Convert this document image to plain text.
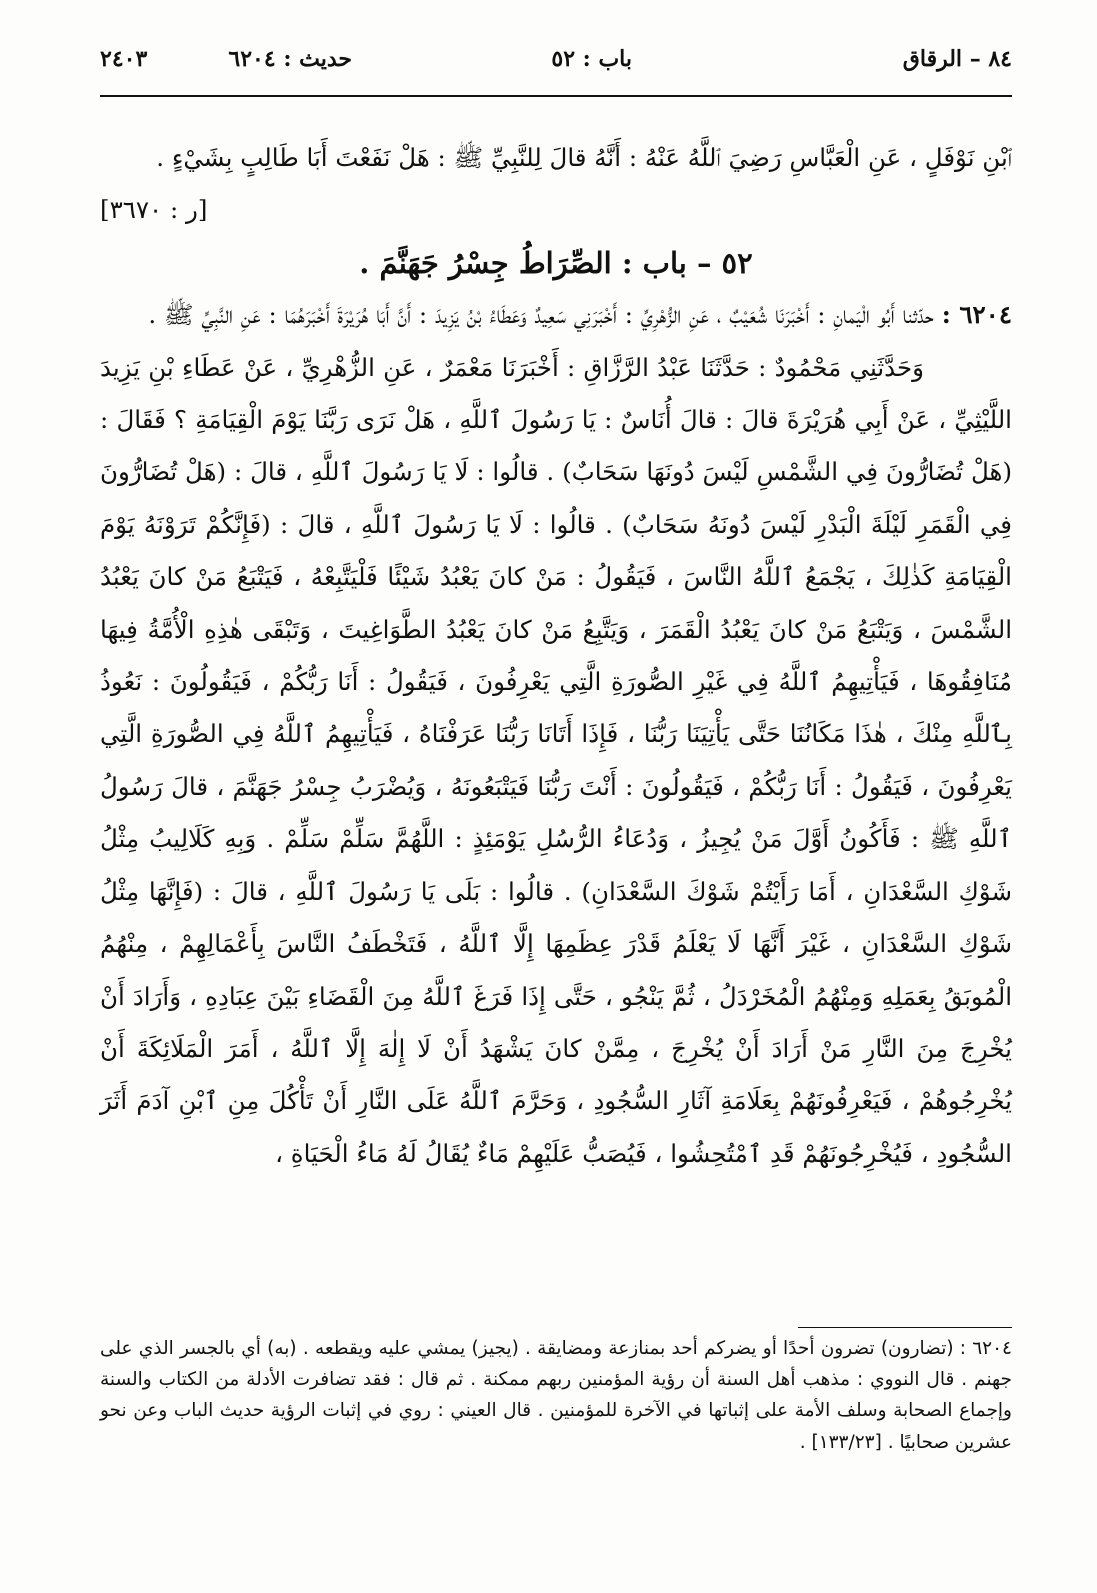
٨٤ – الرقاق
باب : ٥٢
حديث : ٦٢٠٤
٢٤٠٣

ٱبْنِ نَوْفَلٍ ، عَنِ الْعَبَّاسِ رَضِيَ ٱللَّهُ عَنْهُ : أَنَّهُ قالَ لِلنَّبِيِّ ﷺ : هَلْ نَفَعْتَ أَبَا طَالِبٍ بِشَيْءٍ .

[ر : ٣٦٧٠]

٥٢ – باب : الصِّرَاطُ جِسْرُ جَهَنَّمَ .

٦٢٠٤ : حدّثنا أَبُو الْيَمانِ : أَخْبَرَنَا شُعَيْبٌ ، عَنِ الزُّهْرِيِّ : أَخْبَرَنِي سَعِيدٌ وَعَطَاءُ بْنُ يَزِيدَ : أَنَّ أَبَا هُرَيْرَةَ أَخْبَرَهُمَا : عَنِ النَّبِيِّ ﷺ .

وَحَدَّثَنِي مَحْمُودٌ : حَدَّثَنَا عَبْدُ الرَّزَّاقِ : أَخْبَرَنَا مَعْمَرٌ ، عَنِ الزُّهْرِيِّ ، عَنْ عَطَاءِ بْنِ يَزِيدَ اللَّيْثِيِّ ، عَنْ أَبِي هُرَيْرَةَ قالَ : قالَ أُنَاسٌ : يَا رَسُولَ ٱللَّهِ ، هَلْ نَرَى رَبَّنَا يَوْمَ الْقِيَامَةِ ؟ فَقَالَ : (هَلْ تُضَارُّونَ فِي الشَّمْسِ لَيْسَ دُونَهَا سَحَابٌ) . قالُوا : لَا يَا رَسُولَ ٱللَّهِ ، قالَ : (هَلْ تُضَارُّونَ فِي الْقَمَرِ لَيْلَةَ الْبَدْرِ لَيْسَ دُونَهُ سَحَابٌ) . قالُوا : لَا يَا رَسُولَ ٱللَّهِ ، قالَ : (فَإِنَّكُمْ تَرَوْنَهُ يَوْمَ الْقِيَامَةِ كَذٰلِكَ ، يَجْمَعُ ٱللَّهُ النَّاسَ ، فَيَقُولُ : مَنْ كانَ يَعْبُدُ شَيْئًا فَلْيَتَّبِعْهُ ، فَيَتْبَعُ مَنْ كانَ يَعْبُدُ الشَّمْسَ ، وَيَتْبَعُ مَنْ كانَ يَعْبُدُ الْقَمَرَ ، وَيَتَّبِعُ مَنْ كانَ يَعْبُدُ الطَّوَاغِيتَ ، وَتَبْقَى هٰذِهِ الْأُمَّةُ فِيهَا مُنَافِقُوهَا ، فَيَأْتِيهِمُ ٱللَّهُ فِي غَيْرِ الصُّورَةِ الَّتِي يَعْرِفُونَ ، فَيَقُولُ : أَنَا رَبُّكُمْ ، فَيَقُولُونَ : نَعُوذُ بِٱللَّهِ مِنْكَ ، هٰذَا مَكَانُنَا حَتَّى يَأْتِيَنَا رَبُّنَا ، فَإِذَا أَتَانَا رَبُّنَا عَرَفْنَاهُ ، فَيَأْتِيهِمُ ٱللَّهُ فِي الصُّورَةِ الَّتِي يَعْرِفُونَ ، فَيَقُولُ : أَنَا رَبُّكُمْ ، فَيَقُولُونَ : أَنْتَ رَبُّنَا فَيَتْبَعُونَهُ ، وَيُضْرَبُ جِسْرُ جَهَنَّمَ ، قالَ رَسُولُ ٱللَّهِ ﷺ : فَأَكُونُ أَوَّلَ مَنْ يُجِيزُ ، وَدُعَاءُ الرُّسُلِ يَوْمَئِذٍ : اللَّهُمَّ سَلِّمْ سَلِّمْ . وَبِهِ كَلَالِيبُ مِثْلُ شَوْكِ السَّعْدَانِ ، أَمَا رَأَيْتُمْ شَوْكَ السَّعْدَانِ) . قالُوا : بَلَى يَا رَسُولَ ٱللَّهِ ، قالَ : (فَإِنَّهَا مِثْلُ شَوْكِ السَّعْدَانِ ، غَيْرَ أَنَّهَا لَا يَعْلَمُ قَدْرَ عِظَمِهَا إِلَّا ٱللَّهُ ، فَتَخْطَفُ النَّاسَ بِأَعْمَالِهِمْ ، مِنْهُمُ الْمُوبَقُ بِعَمَلِهِ وَمِنْهُمُ الْمُخَرْدَلُ ، ثُمَّ يَنْجُو ، حَتَّى إِذَا فَرَغَ ٱللَّهُ مِنَ الْقَضَاءِ بَيْنَ عِبَادِهِ ، وَأَرَادَ أَنْ يُخْرِجَ مِنَ النَّارِ مَنْ أَرَادَ أَنْ يُخْرِجَ ، مِمَّنْ كانَ يَشْهَدُ أَنْ لَا إِلٰهَ إِلَّا ٱللَّهُ ، أَمَرَ الْمَلَائِكَةَ أَنْ يُخْرِجُوهُمْ ، فَيَعْرِفُونَهُمْ بِعَلَامَةِ آثَارِ السُّجُودِ ، وَحَرَّمَ ٱللَّهُ عَلَى النَّارِ أَنْ تَأْكُلَ مِنِ ٱبْنِ آدَمَ أَثَرَ السُّجُودِ ، فَيُخْرِجُونَهُمْ قَدِ ٱمْتُحِشُوا ، فَيُصَبُّ عَلَيْهِمْ مَاءٌ يُقَالُ لَهُ مَاءُ الْحَيَاةِ ،

٦٢٠٤ : (تضارون) تضرون أحدًا أو يضركم أحد بمنازعة ومضايقة . (يجيز) يمشي عليه ويقطعه . (به) أي بالجسر الذي على جهنم . قال النووي : مذهب أهل السنة أن رؤية المؤمنين ربهم ممكنة . ثم قال : فقد تضافرت الأدلة من الكتاب والسنة وإجماع الصحابة وسلف الأمة على إثباتها في الآخرة للمؤمنين . قال العيني : روي في إثبات الرؤية حديث الباب وعن نحو عشرين صحابيًا . [١٣٣/٢٣] .
